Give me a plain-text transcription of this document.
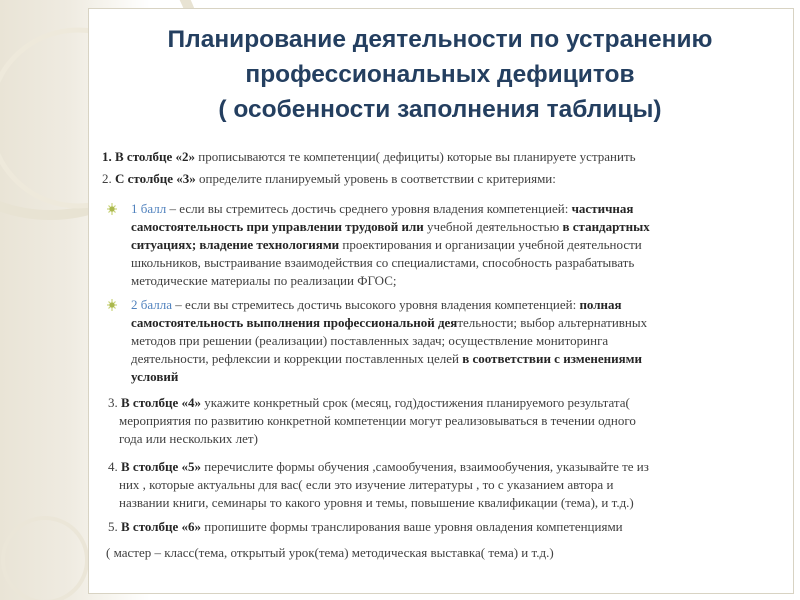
Планирование деятельности по устранению
профессиональных дефицитов
( особенности заполнения таблицы)
1. В столбце «2» прописываются те компетенции( дефициты) которые вы планируете устранить
2. С столбце «3» определите планируемый уровень в соответствии с критериями:
1 балл – если вы стремитесь достичь среднего уровня владения компетенцией: частичная
самостоятельность при управлении трудовой или учебной деятельностью в стандартных
ситуациях; владение технологиями проектирования и организации учебной деятельности
школьников, выстраивание взаимодействия со специалистами, способность разрабатывать
методические материалы по реализации ФГОС;
2 балла – если вы стремитесь достичь высокого уровня владения компетенцией: полная
самостоятельность выполнения профессиональной деятельности; выбор альтернативных
методов при решении (реализации) поставленных задач; осуществление мониторинга
деятельности, рефлексии и коррекции поставленных целей в соответствии с изменениями
условий
3. В столбце «4» укажите конкретный срок (месяц, год)достижения планируемого результата(
мероприятия по развитию конкретной компетенции могут реализовываться в течении одного
года или нескольких лет)
4. В столбце «5» перечислите формы обучения ,самообучения, взаимообучения, указывайте те из
них , которые актуальны для вас( если это изучение литературы , то с указанием автора и
названии книги, семинары то какого уровня и темы, повышение квалификации (тема), и т.д.)
5. В столбце «6» пропишите формы транслирования ваше уровня овладения компетенциями
( мастер – класс(тема, открытый урок(тема) методическая выставка( тема) и т.д.)
